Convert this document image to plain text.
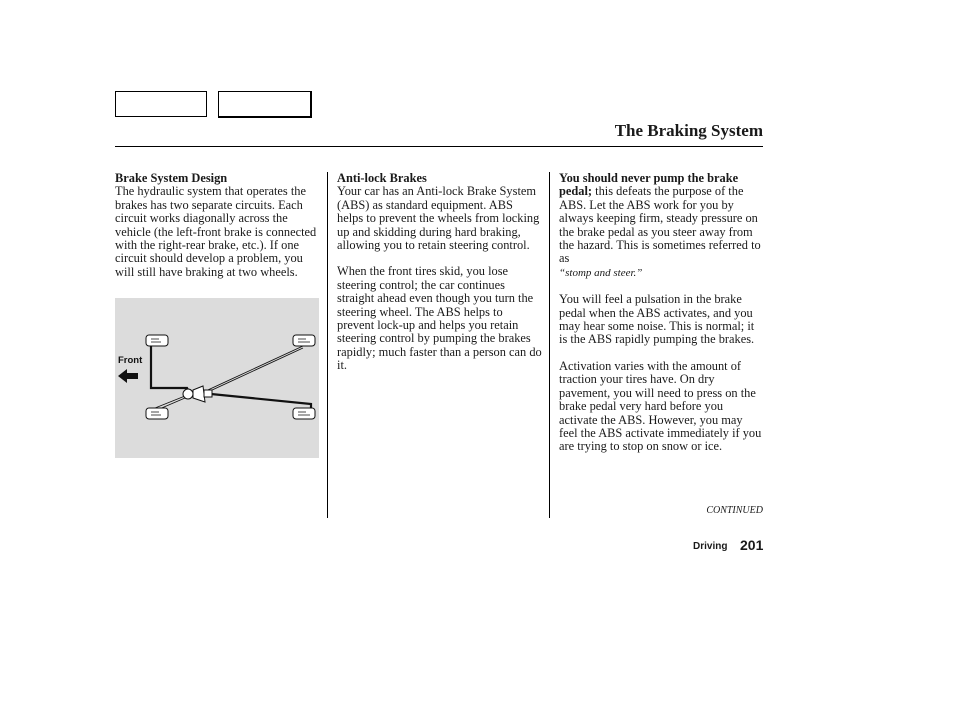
The Braking System
Brake System Design

The hydraulic system that operates the brakes has two separate circuits. Each circuit works diagonally across the vehicle (the left-front brake is connected with the right-rear brake, etc.). If one circuit should develop a problem, you will still have braking at two wheels.

Anti-lock Brakes

Your car has an Anti-lock Brake System (ABS) as standard equipment. ABS helps to prevent the wheels from locking up and skidding during hard braking, allowing you to retain steering control.

When the front tires skid, you lose steering control; the car continues straight ahead even though you turn the steering wheel. The ABS helps to prevent lock-up and helps you retain steering control by pumping the brakes rapidly; much faster than a person can do it.

You should never pump the brake pedal; this defeats the purpose of the ABS. Let the ABS work for you by always keeping firm, steady pressure on the brake pedal as you steer away from the hazard. This is sometimes referred to as
“stomp and steer.”

You will feel a pulsation in the brake pedal when the ABS activates, and you may hear some noise. This is normal; it is the ABS rapidly pumping the brakes.

Activation varies with the amount of traction your tires have. On dry pavement, you will need to press on the brake pedal very hard before you activate the ABS. However, you may feel the ABS activate immediately if you are trying to stop on snow or ice.

Front
CONTINUED
Driving 201
